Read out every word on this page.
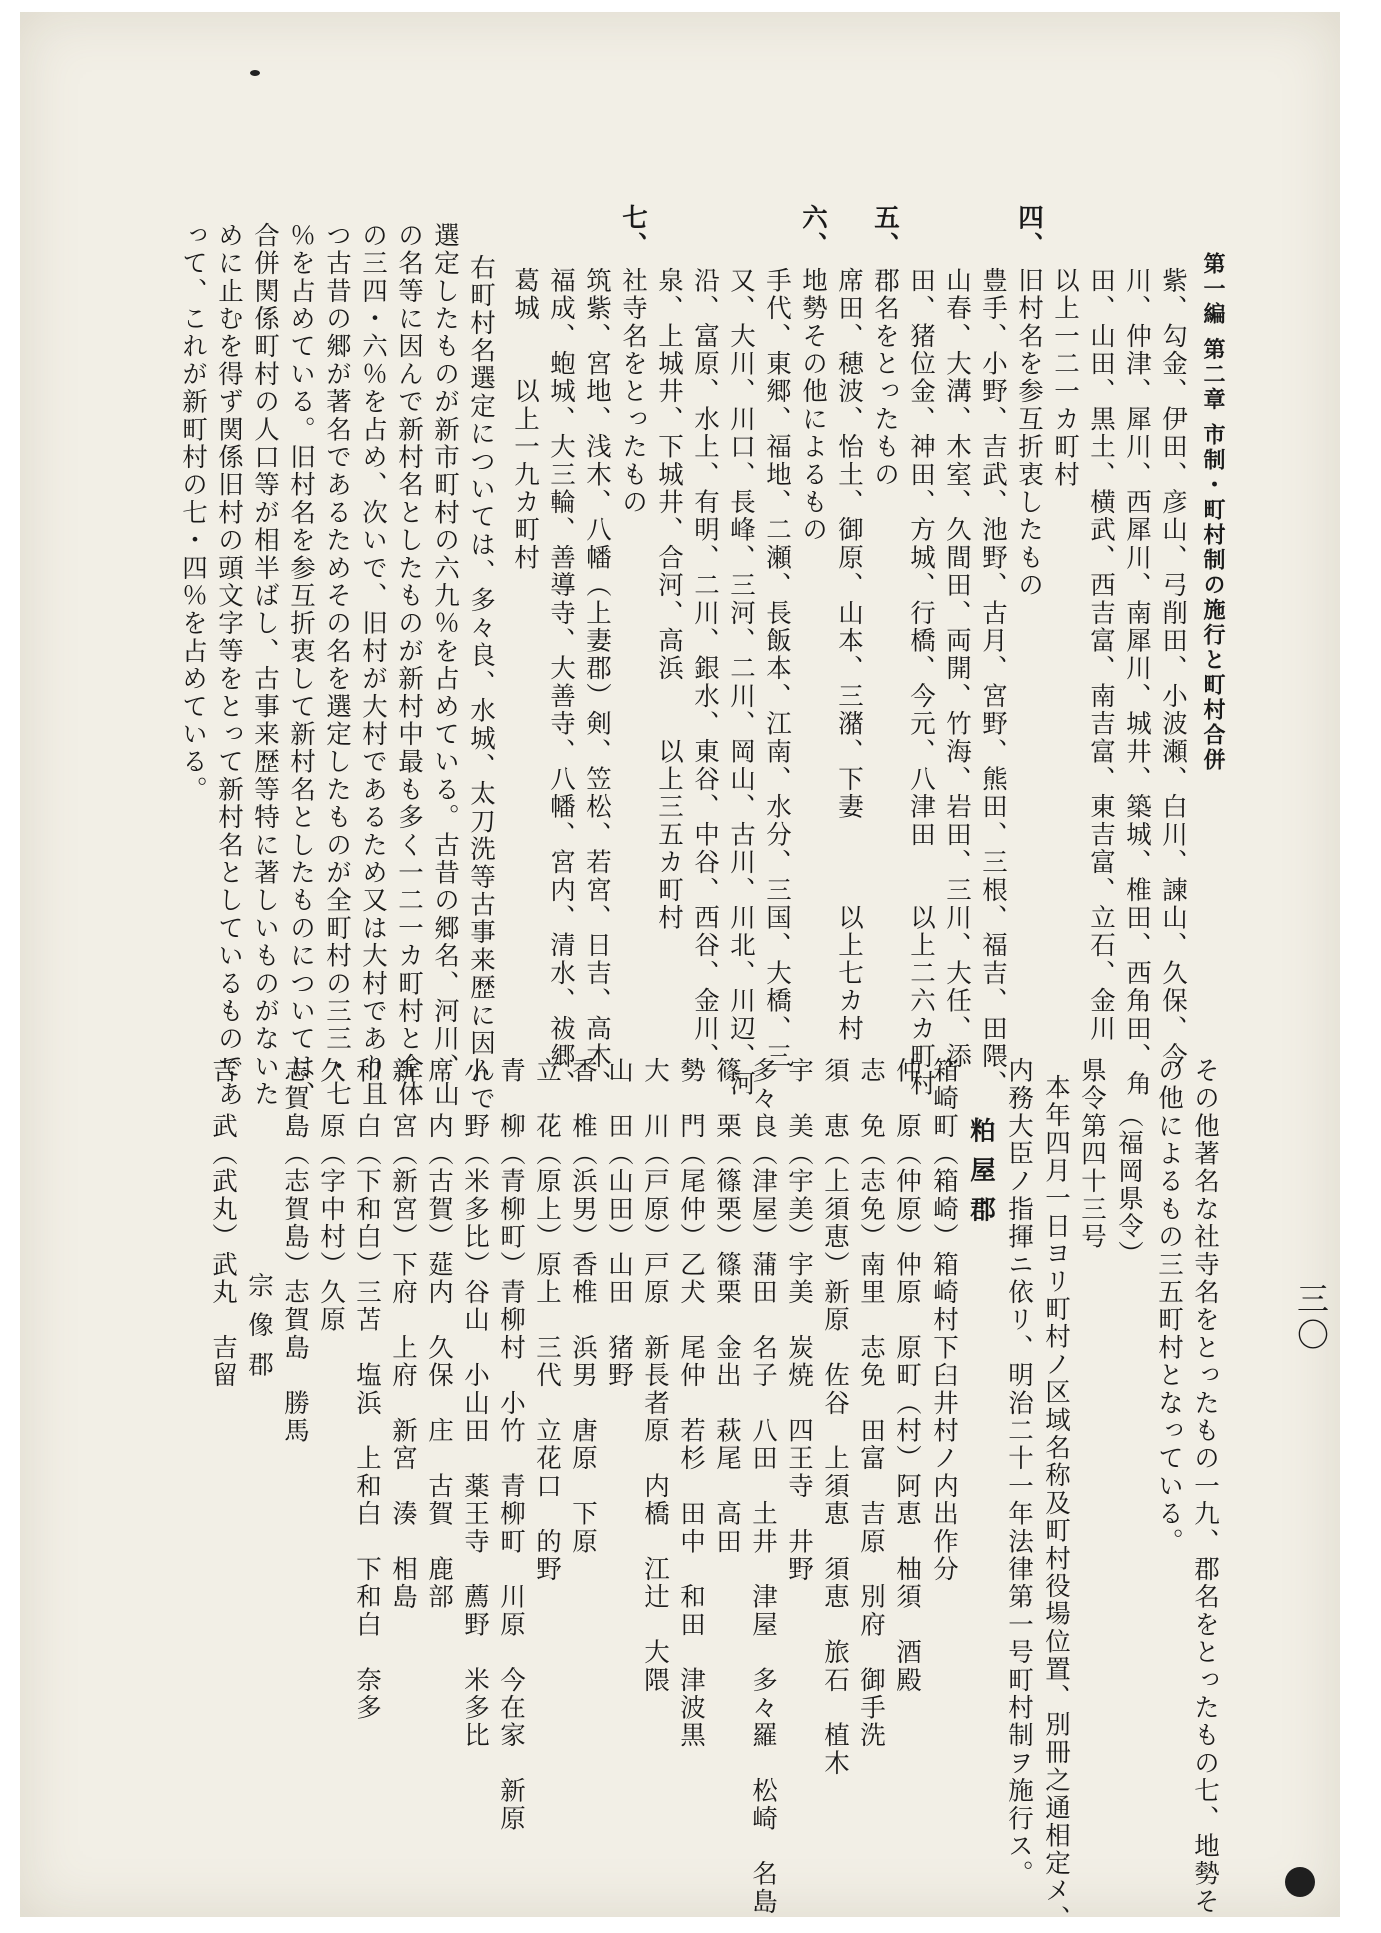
三〇
第一編 第二章 市制・町村制の施行と町村合併
その他著名な社寺名をとったもの一九、郡名をとったもの七、地勢そ
の他によるもの三五町村となっている。
（福岡県令）
県令第四十三号
本年四月一日ヨリ町村ノ区域名称及町村役場位置、別冊之通相定メ、
内務大臣ノ指揮ニ依リ、明治二十一年法律第一号町村制ヲ施行ス。
粕屋郡
箱崎町（箱崎）箱崎村下臼井村ノ内出作分
仲　原（仲原）仲原　原町（村）阿恵　柚須　酒殿
志　免（志免）南里　志免　田富　吉原　別府　御手洗
須　恵（上須恵）新原　佐谷　上須恵　須恵　旅石　植木
宇　美（宇美）宇美　炭焼　四王寺　井野
多々良（津屋）蒲田　名子　八田　土井　津屋　多々羅　松崎　名島
篠　栗（篠栗）篠栗　金出　萩尾　高田
勢　門（尾仲）乙犬　尾仲　若杉　田中　和田　津波黒
大　川（戸原）戸原　新長者原　内橋　江辻　大隈
山　田（山田）山田　猪野
香　椎（浜男）香椎　浜男　唐原　下原
立　花（原上）原上　三代　立花口　的野
青　柳（青柳町）青柳村　小竹　青柳町　川原　今在家　新原
小　野（米多比）谷山　小山田　薬王寺　薦野　米多比
席　内（古賀）莚内　久保　庄　古賀　鹿部
新　宮（新宮）下府　上府　新宮　湊　相島
和　白（下和白）三苫　塩浜　上和白　下和白　奈多
久　原（字中村）久原
志賀島（志賀島）志賀島　勝馬
宗像郡
吉　武（武丸）武丸　吉留
紫、勾金、伊田、彦山、弓削田、小波瀬、白川、諫山、久保、今
川、仲津、犀川、西犀川、南犀川、城井、築城、椎田、西角田、角
田、山田、黒土、横武、西吉富、南吉富、東吉富、立石、金川
以上一二一カ町村
四、
旧村名を参互折衷したもの
豊手、小野、吉武、池野、古月、宮野、熊田、三根、福吉、田隈、
山春、大溝、木室、久間田、両開、竹海、岩田、三川、大任、添
田、猪位金、神田、方城、行橋、今元、八津田　　以上二六カ町村
五、
郡名をとったもの
席田、穂波、怡土、御原、山本、三潴、下妻　　　以上七カ村
六、
地勢その他によるもの
手代、東郷、福地、二瀬、長飯本、江南、水分、三国、大橋、三
又、大川、川口、長峰、三河、二川、岡山、古川、川北、川辺、河
沿、富原、水上、有明、二川、銀水、東谷、中谷、西谷、金川、
泉、上城井、下城井、合河、高浜　　以上三五カ町村
七、
社寺名をとったもの
筑紫、宮地、浅木、八幡（上妻郡）剣、笠松、若宮、日吉、高木、
福成、蚫城、大三輪、善導寺、大善寺、八幡、宮内、清水、祓郷、
葛城　　以上一九カ町村
右町村名選定については、多々良、水城、太刀洗等古事来歴に因んで
選定したものが新市町村の六九％を占めている。古昔の郷名、河川、山
の名等に因んで新村名としたものが新村中最も多く一二一カ町村と全体
の三四・六％を占め、次いで、旧村が大村であるため又は大村であり且
つ古昔の郷が著名であるためその名を選定したものが全町村の三三・七
％を占めている。旧村名を参互折衷して新村名としたものについては、
合併関係町村の人口等が相半ばし、古事来歴等特に著しいものがないた
めに止むを得ず関係旧村の頭文字等をとって新村名としているものであ
って、これが新町村の七・四％を占めている。
